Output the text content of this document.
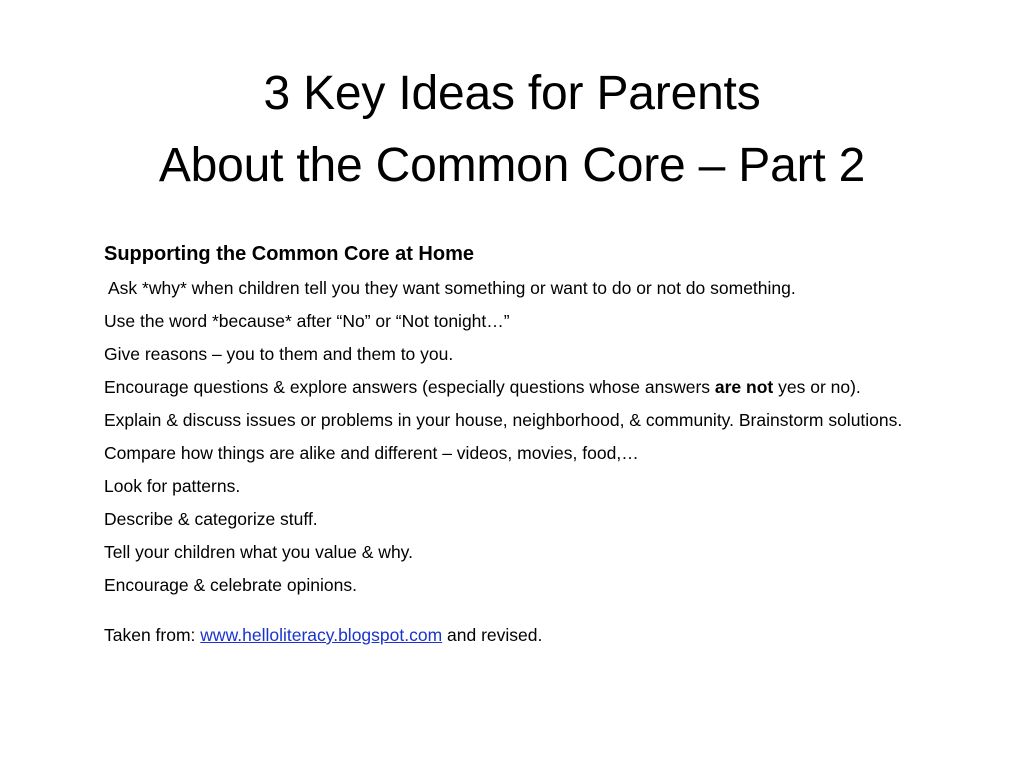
3 Key Ideas for Parents
About the Common Core – Part 2
Supporting the Common Core at Home
Ask *why* when children tell you they want something or want to do or not do something.
Use the word *because* after “No” or “Not tonight…”
Give reasons – you to them and them to you.
Encourage questions & explore answers (especially questions whose answers are not yes or no).
Explain & discuss issues or problems in your house, neighborhood, & community. Brainstorm solutions.
Compare how things are alike and different – videos, movies, food,…
Look for patterns.
Describe & categorize stuff.
Tell your children what you value & why.
Encourage & celebrate opinions.
Taken from: www.helloliteracy.blogspot.com and revised.
